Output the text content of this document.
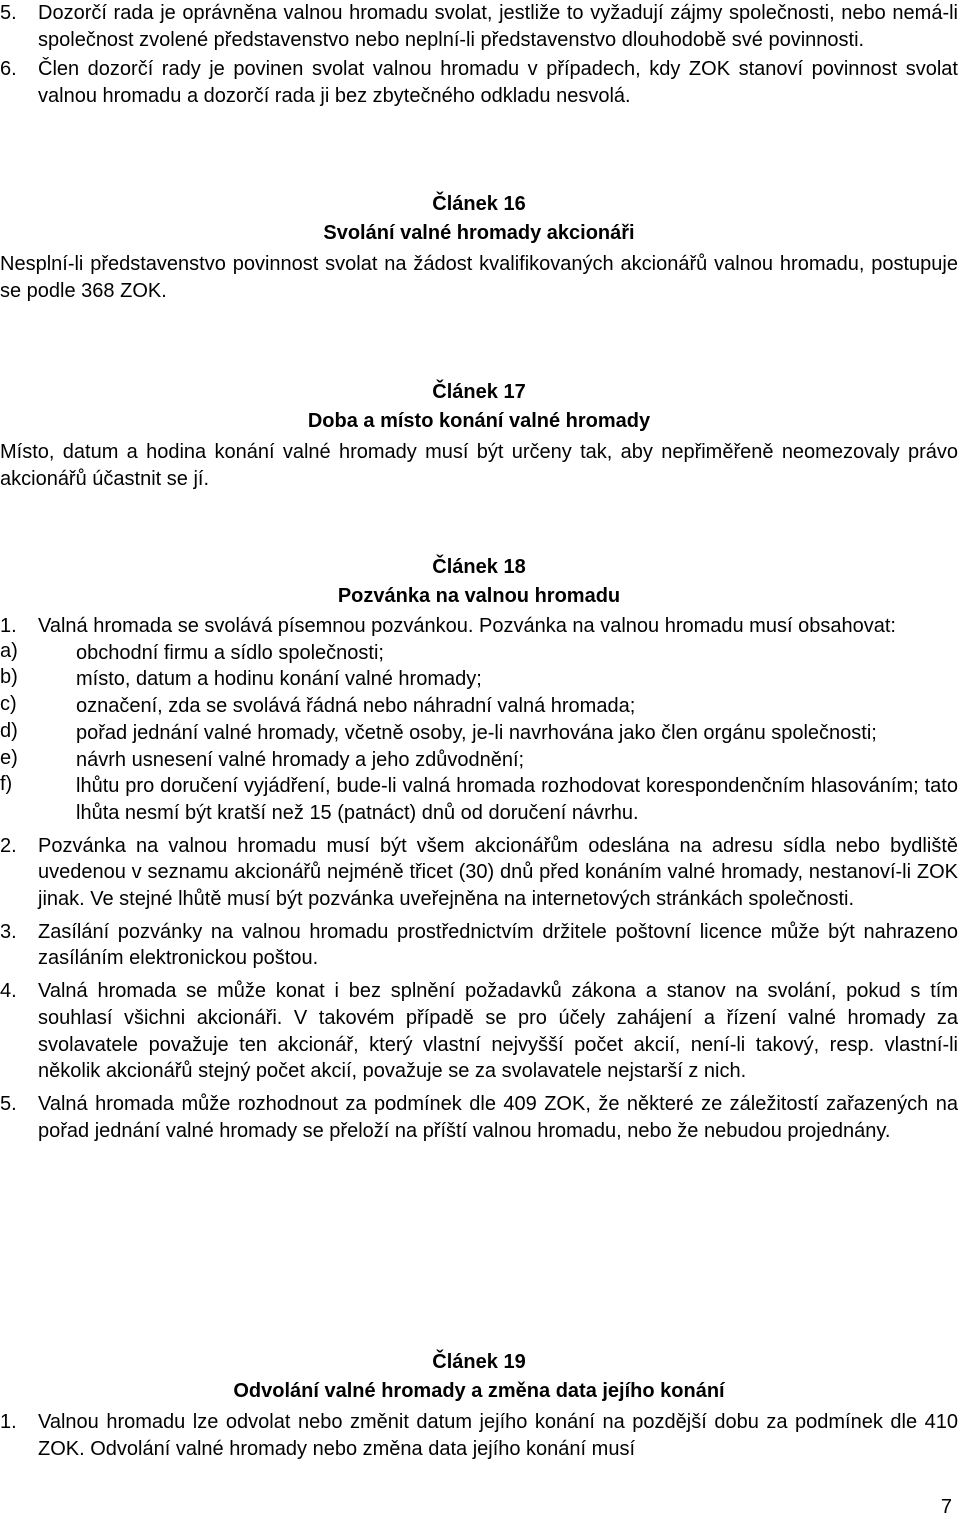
5. Dozorčí rada je oprávněna valnou hromadu svolat, jestliže to vyžadují zájmy společnosti, nebo nemá-li společnost zvolené představenstvo nebo neplní-li představenstvo dlouhodobě své povinnosti.

6. Člen dozorčí rady je povinen svolat valnou hromadu v případech, kdy ZOK stanoví povinnost svolat valnou hromadu a dozorčí rada ji bez zbytečného odkladu nesvolá.

Článek 16

Svolání valné hromady akcionáři

Nesplní-li představenstvo povinnost svolat na žádost kvalifikovaných akcionářů valnou hromadu, postupuje se podle 368 ZOK.

Článek 17

Doba a místo konání valné hromady

Místo, datum a hodina konání valné hromady musí být určeny tak, aby nepřiměřeně neomezovaly právo akcionářů účastnit se jí.

Článek 18

Pozvánka na valnou hromadu

1. Valná hromada se svolává písemnou pozvánkou. Pozvánka na valnou hromadu musí obsahovat:

a)	obchodní firmu a sídlo společnosti;
b)	místo, datum a hodinu konání valné hromady;
c)	označení, zda se svolává řádná nebo náhradní valná hromada;
d)	pořad jednání valné hromady, včetně osoby, je-li navrhována jako člen orgánu společnosti;
e)	návrh usnesení valné hromady a jeho zdůvodnění;
f)	lhůtu pro doručení vyjádření, bude-li valná hromada rozhodovat korespondenčním hlasováním; tato lhůta nesmí být kratší než 15 (patnáct) dnů od doručení návrhu.

2. Pozvánka na valnou hromadu musí být všem akcionářům odeslána na adresu sídla nebo bydliště uvedenou v seznamu akcionářů nejméně třicet (30) dnů před konáním valné hromady, nestanoví-li ZOK jinak. Ve stejné lhůtě musí být pozvánka uveřejněna na internetových stránkách společnosti.

3. Zasílání pozvánky na valnou hromadu prostřednictvím držitele poštovní licence může být nahrazeno zasíláním elektronickou poštou.

4. Valná hromada se může konat i bez splnění požadavků zákona a stanov na svolání, pokud s tím souhlasí všichni akcionáři. V takovém případě se pro účely zahájení a řízení valné hromady za svolavatele považuje ten akcionář, který vlastní nejvyšší počet akcií, není-li takový, resp. vlastní-li několik akcionářů stejný počet akcií, považuje se za svolavatele nejstarší z nich.

5. Valná hromada může rozhodnout za podmínek dle 409 ZOK, že některé ze záležitostí zařazených na pořad jednání valné hromady se přeloží na příští valnou hromadu, nebo že nebudou projednány.

Článek 19

Odvolání valné hromady a změna data jejího konání

1. Valnou hromadu lze odvolat nebo změnit datum jejího konání na pozdější dobu za podmínek dle 410 ZOK. Odvolání valné hromady nebo změna data jejího konání musí

7
